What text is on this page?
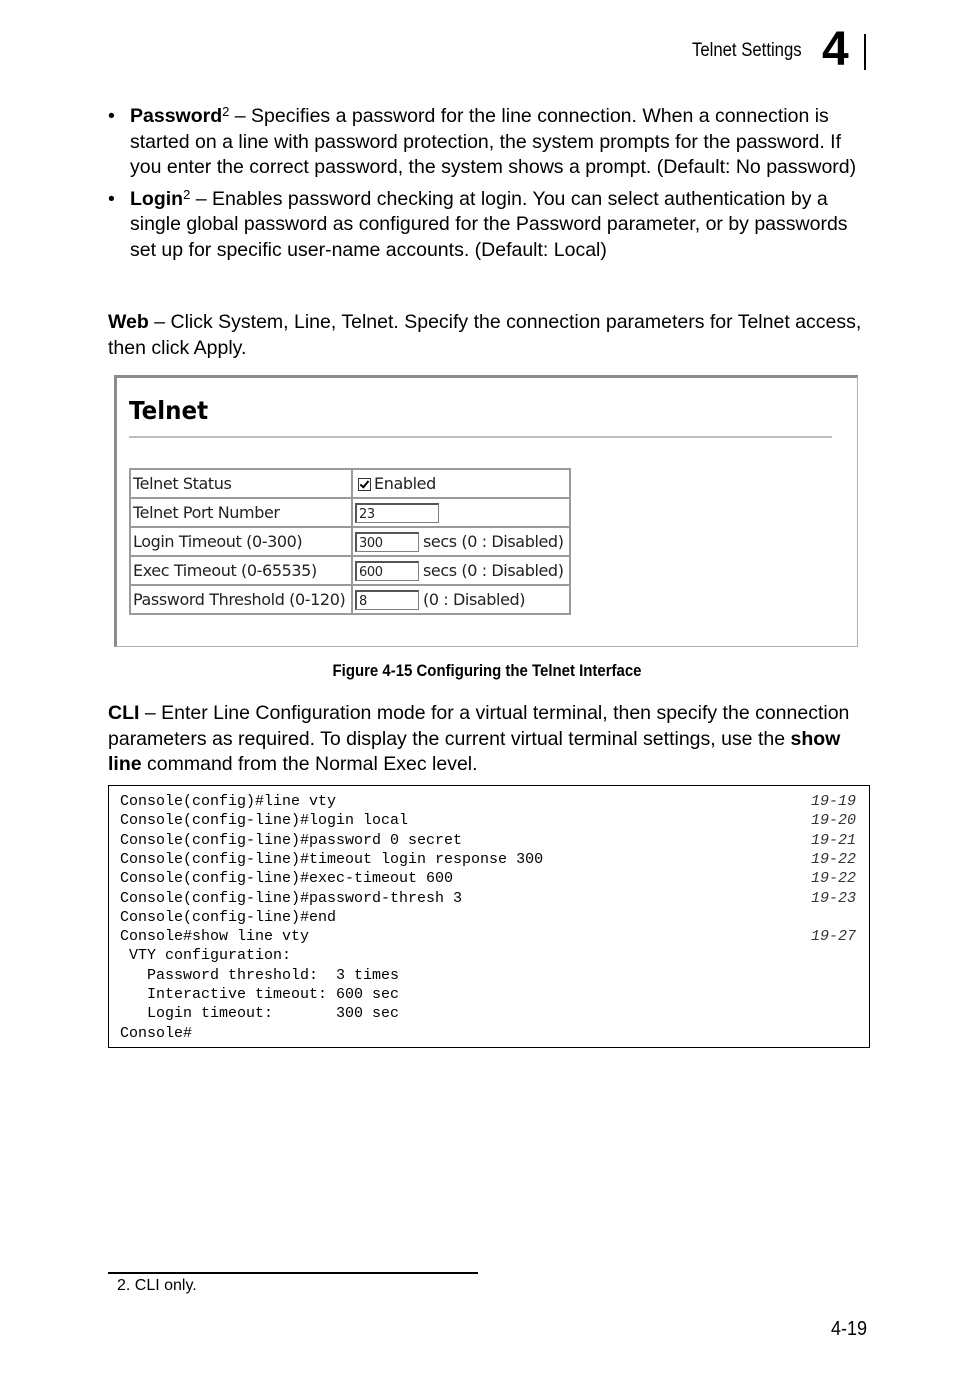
Telnet Settings 4
• Password$^2$ – Specifies a password for the line connection. When a connection is started on a line with password protection, the system prompts for the password. If you enter the correct password, the system shows a prompt. (Default: No password)
• Login$^2$ – Enables password checking at login. You can select authentication by a single global password as configured for the Password parameter, or by passwords set up for specific user-name accounts. (Default: Local)
Web – Click System, Line, Telnet. Specify the connection parameters for Telnet access, then click Apply.
Telnet
Telnet Status	Enabled
Telnet Port Number	23
Login Timeout (0-300)	300 secs (0 : Disabled)
Exec Timeout (0-65535)	600 secs (0 : Disabled)
Password Threshold (0-120)	8 (0 : Disabled)
Figure 4-15 Configuring the Telnet Interface
CLI – Enter Line Configuration mode for a virtual terminal, then specify the connection parameters as required. To display the current virtual terminal settings, use the show line command from the Normal Exec level.
Console(config)#line vty	19-19
Console(config-line)#login local	19-20
Console(config-line)#password 0 secret	19-21
Console(config-line)#timeout login response 300	19-22
Console(config-line)#exec-timeout 600	19-22
Console(config-line)#password-thresh 3	19-23
Console(config-line)#end
Console#show line vty	19-27
VTY configuration:
Password threshold:  3 times
Interactive timeout: 600 sec
Login timeout:       300 sec
Console#
2. CLI only.
4-19
